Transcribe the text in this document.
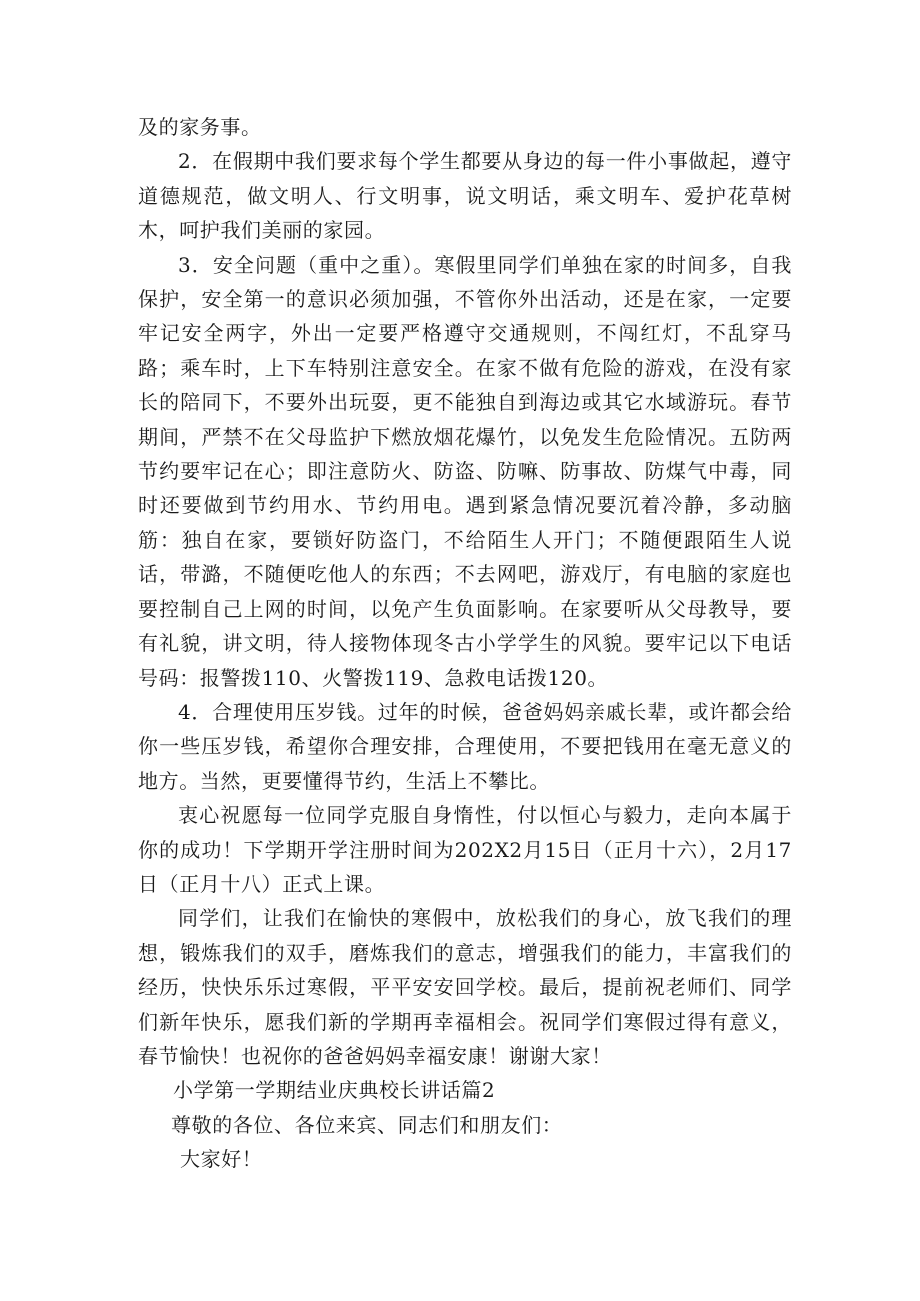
及的家务事。

2．在假期中我们要求每个学生都要从身边的每一件小事做起，遵守道德规范，做文明人、行文明事，说文明话，乘文明车、爱护花草树木，呵护我们美丽的家园。

3．安全问题（重中之重）。寒假里同学们单独在家的时间多，自我保护，安全第一的意识必须加强，不管你外出活动，还是在家，一定要牢记安全两字，外出一定要严格遵守交通规则，不闯红灯，不乱穿马路；乘车时，上下车特别注意安全。在家不做有危险的游戏，在没有家长的陪同下，不要外出玩耍，更不能独自到海边或其它水域游玩。春节期间，严禁不在父母监护下燃放烟花爆竹，以免发生危险情况。五防两节约要牢记在心；即注意防火、防盗、防嘛、防事故、防煤气中毒，同时还要做到节约用水、节约用电。遇到紧急情况要沉着冷静，多动脑筋：独自在家，要锁好防盗门，不给陌生人开门；不随便跟陌生人说话，带潞，不随便吃他人的东西；不去网吧，游戏厅，有电脑的家庭也要控制自己上网的时间，以免产生负面影响。在家要听从父母教导，要有礼貌，讲文明，待人接物体现冬古小学学生的风貌。要牢记以下电话号码：报警拨110、火警拨119、急救电话拨120。

4．合理使用压岁钱。过年的时候，爸爸妈妈亲戚长辈，或许都会给你一些压岁钱，希望你合理安排，合理使用，不要把钱用在毫无意义的地方。当然，更要懂得节约，生活上不攀比。

衷心祝愿每一位同学克服自身惰性，付以恒心与毅力，走向本属于你的成功！下学期开学注册时间为202X2月15日（正月十六），2月17日（正月十八）正式上课。

同学们，让我们在愉快的寒假中，放松我们的身心，放飞我们的理想，锻炼我们的双手，磨炼我们的意志，增强我们的能力，丰富我们的经历，快快乐乐过寒假，平平安安回学校。最后，提前祝老师们、同学们新年快乐，愿我们新的学期再幸福相会。祝同学们寒假过得有意义，春节愉快！也祝你的爸爸妈妈幸福安康！谢谢大家！

小学第一学期结业庆典校长讲话篇2

尊敬的各位、各位来宾、同志们和朋友们：

大家好！
